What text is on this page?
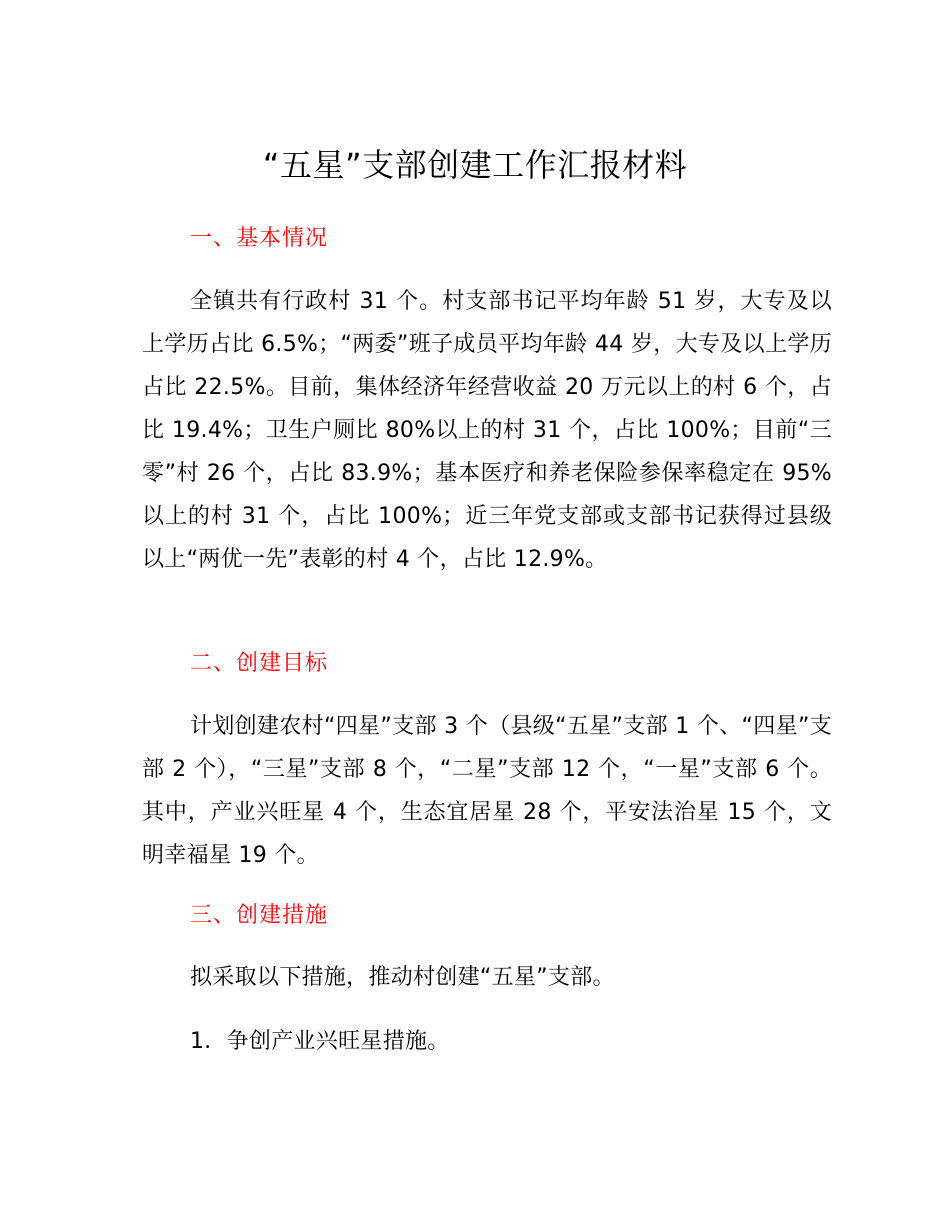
“五星”支部创建工作汇报材料
一、基本情况
全镇共有行政村 31 个。村支部书记平均年龄 51 岁，大专及以上学历占比 6.5%；“两委”班子成员平均年龄 44 岁，大专及以上学历占比 22.5%。目前，集体经济年经营收益 20 万元以上的村 6 个，占比 19.4%；卫生户厕比 80%以上的村 31 个，占比 100%；目前“三零”村 26 个，占比 83.9%；基本医疗和养老保险参保率稳定在 95%以上的村 31 个，占比 100%；近三年党支部或支部书记获得过县级以上“两优一先”表彰的村 4 个，占比 12.9%。
二、创建目标
计划创建农村“四星”支部 3 个（县级“五星”支部 1 个、“四星”支部 2 个），“三星”支部 8 个，“二星”支部 12 个，“一星”支部 6 个。其中，产业兴旺星 4 个，生态宜居星 28 个，平安法治星 15 个，文明幸福星 19 个。
三、创建措施
拟采取以下措施，推动村创建“五星”支部。
1．争创产业兴旺星措施。
